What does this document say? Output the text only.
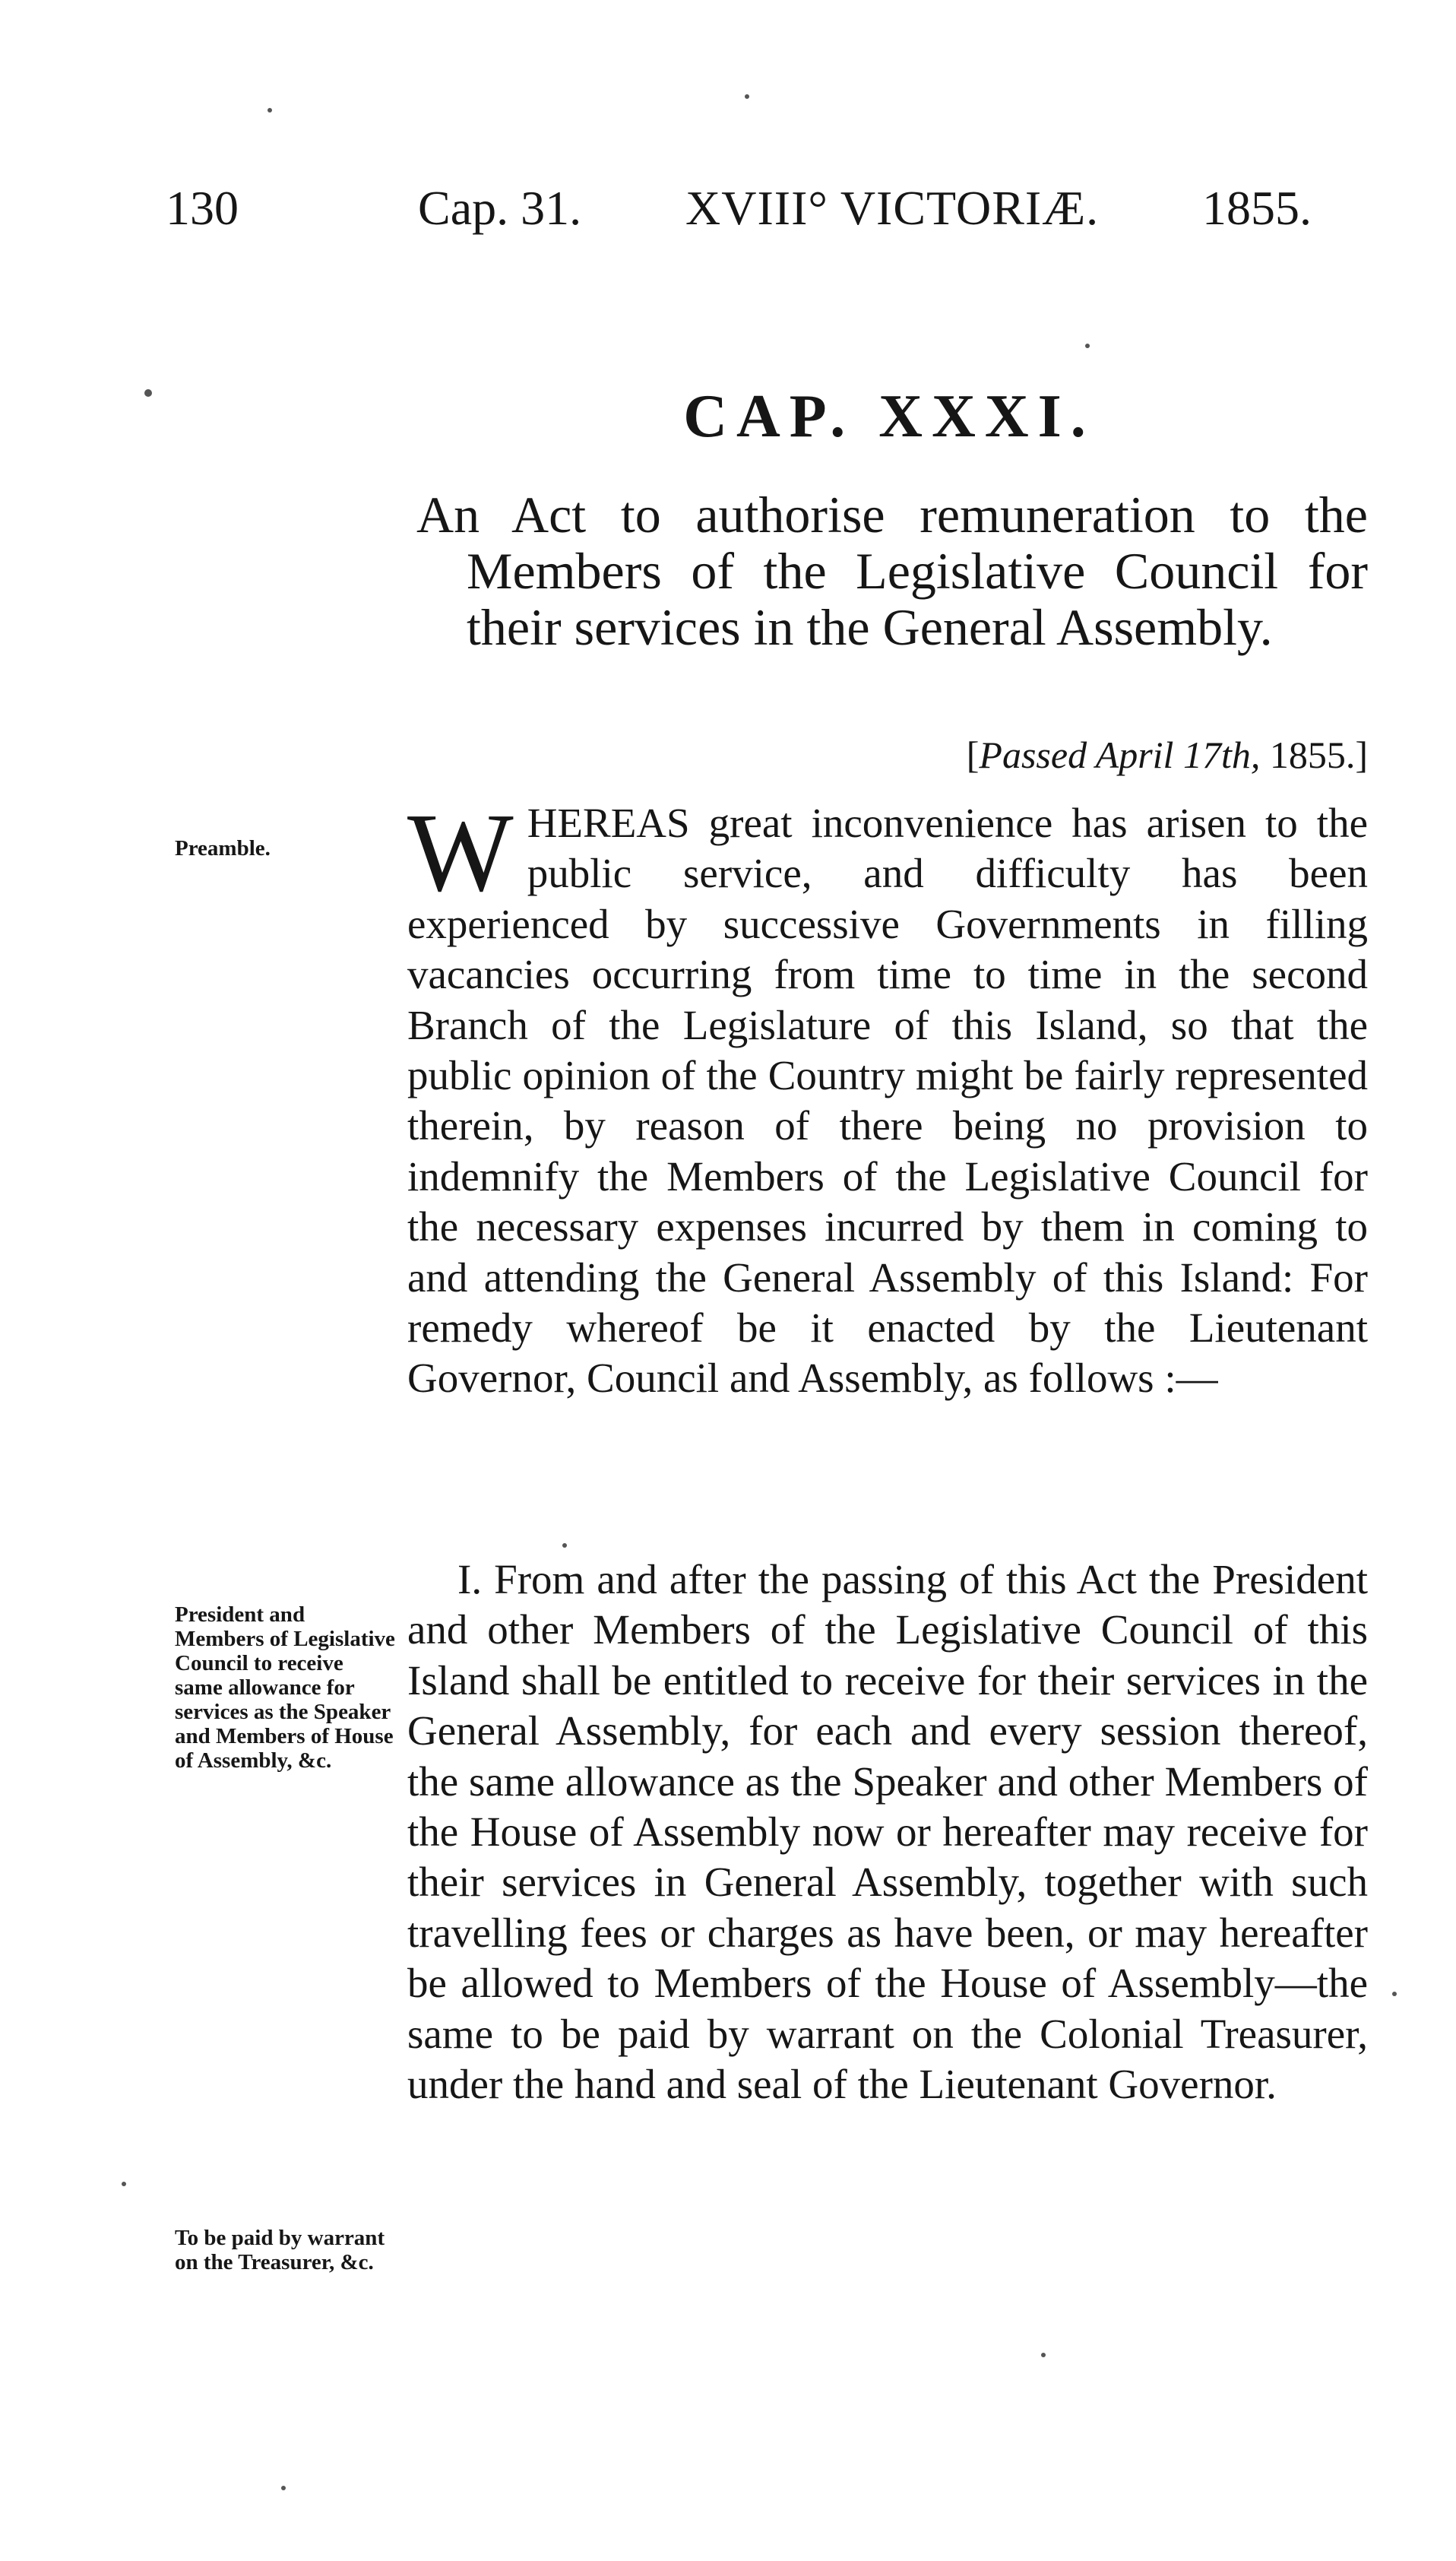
130	Cap. 31. XVIII° VICTORIÆ. 1855.
CAP. XXXI.

An Act to authorise remuneration to the Members of the Legislative Council for their services in the General Assembly.

[Passed April 17th, 1855.]
Preamble.	WHEREAS great inconvenience has arisen to the public service, and difficulty has been experienced by successive Governments in filling vacancies occurring from time to time in the second Branch of the Legislature of this Island, so that the public opinion of the Country might be fairly represented therein, by reason of there being no provision to indemnify the Members of the Legislative Council for the necessary expenses incurred by them in coming to and attending the General Assembly of this Island: For remedy whereof be it enacted by the Lieutenant Governor, Council and Assembly, as follows :—

President and Members of Legislative Council to receive same allowance for services as the Speaker and Members of House of Assembly, &c.

I. From and after the passing of this Act the President and other Members of the Legislative Council of this Island shall be entitled to receive for their services in the General Assembly, for each and every session thereof, the same allowance as the Speaker and other Members of the House of Assembly now or hereafter may receive for their services in General Assembly, together with such travelling fees or charges as have been, or may hereafter be allowed to Members of the House of Assembly—the same to be paid by warrant on the Colonial Treasurer, under the hand and seal of the Lieutenant Governor.

To be paid by warrant on the Treasurer, &c.
